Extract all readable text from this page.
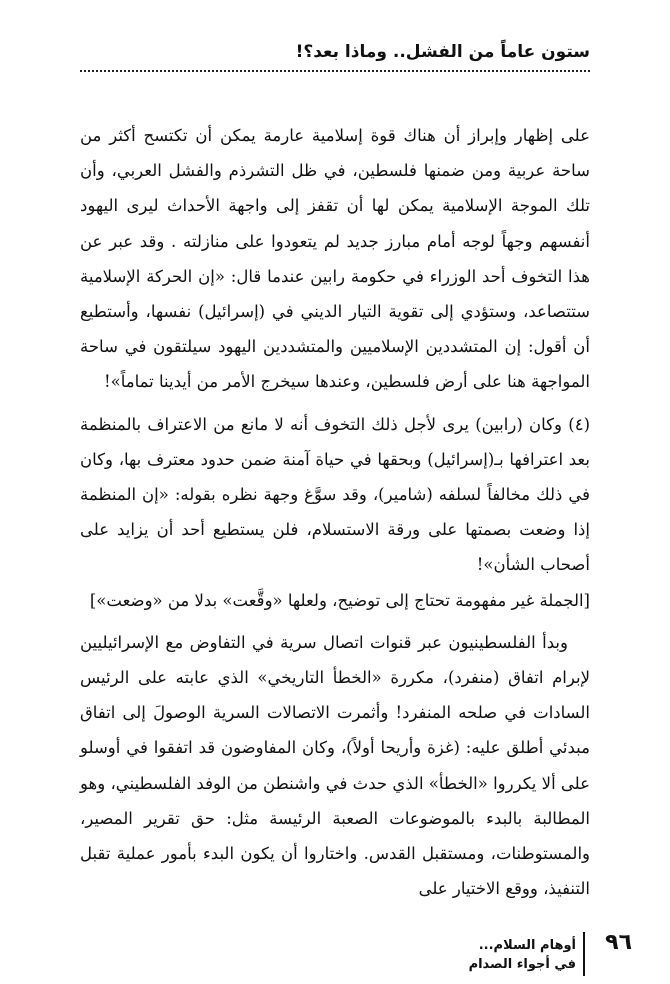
ستون عاماً من الفشل.. وماذا بعد؟!

على إظهار وإبراز أن هناك قوة إسلامية عارمة يمكن أن تكتسح أكثر من ساحة عربية ومن ضمنها فلسطين، في ظل التشرذم والفشل العربي، وأن تلك الموجة الإسلامية يمكن لها أن تقفز إلى واجهة الأحداث ليرى اليهود أنفسهم وجهاً لوجه أمام مبارز جديد لم يتعودوا على منازلته . وقد عبر عن هذا التخوف أحد الوزراء في حكومة رابين عندما قال: «إن الحركة الإسلامية ستتصاعد، وستؤدي إلى تقوية التيار الديني في (إسرائيل) نفسها، وأستطيع أن أقول: إن المتشددين الإسلاميين والمتشددين اليهود سيلتقون في ساحة المواجهة هنا على أرض فلسطين، وعندها سيخرج الأمر من أيدينا تماماً»!

(٤) وكان (رابين) يرى لأجل ذلك التخوف أنه لا مانع من الاعتراف بالمنظمة بعد اعترافها بـ(إسرائيل) وبحقها في حياة آمنة ضمن حدود معترف بها، وكان في ذلك مخالفاً لسلفه (شامير)، وقد سوَّغ وجهة نظره بقوله: «إن المنظمة إذا وضعت بصمتها على ورقة الاستسلام، فلن يستطيع أحد أن يزايد على أصحاب الشأن»!

[الجملة غير مفهومة تحتاج إلى توضيح، ولعلها «وقَّعت» بدلا من «وضعت»]

وبدأ الفلسطينيون عبر قنوات اتصال سرية في التفاوض مع الإسرائيليين لإبرام اتفاق (منفرد)، مكررة «الخطأ التاريخي» الذي عابته على الرئيس السادات في صلحه المنفرد! وأثمرت الاتصالات السرية الوصولَ إلى اتفاق مبدئي أطلق عليه: (غزة وأريحا أولاً)، وكان المفاوضون قد اتفقوا في أوسلو على ألا يكرروا «الخطأ» الذي حدث في واشنطن من الوفد الفلسطيني، وهو المطالبة بالبدء بالموضوعات الصعبة الرئيسة مثل: حق تقرير المصير، والمستوطنات، ومستقبل القدس. واختاروا أن يكون البدء بأمور عملية تقبل التنفيذ، ووقع الاختيار على

٩٦
أوهام السلام...
في أجواء الصدام
